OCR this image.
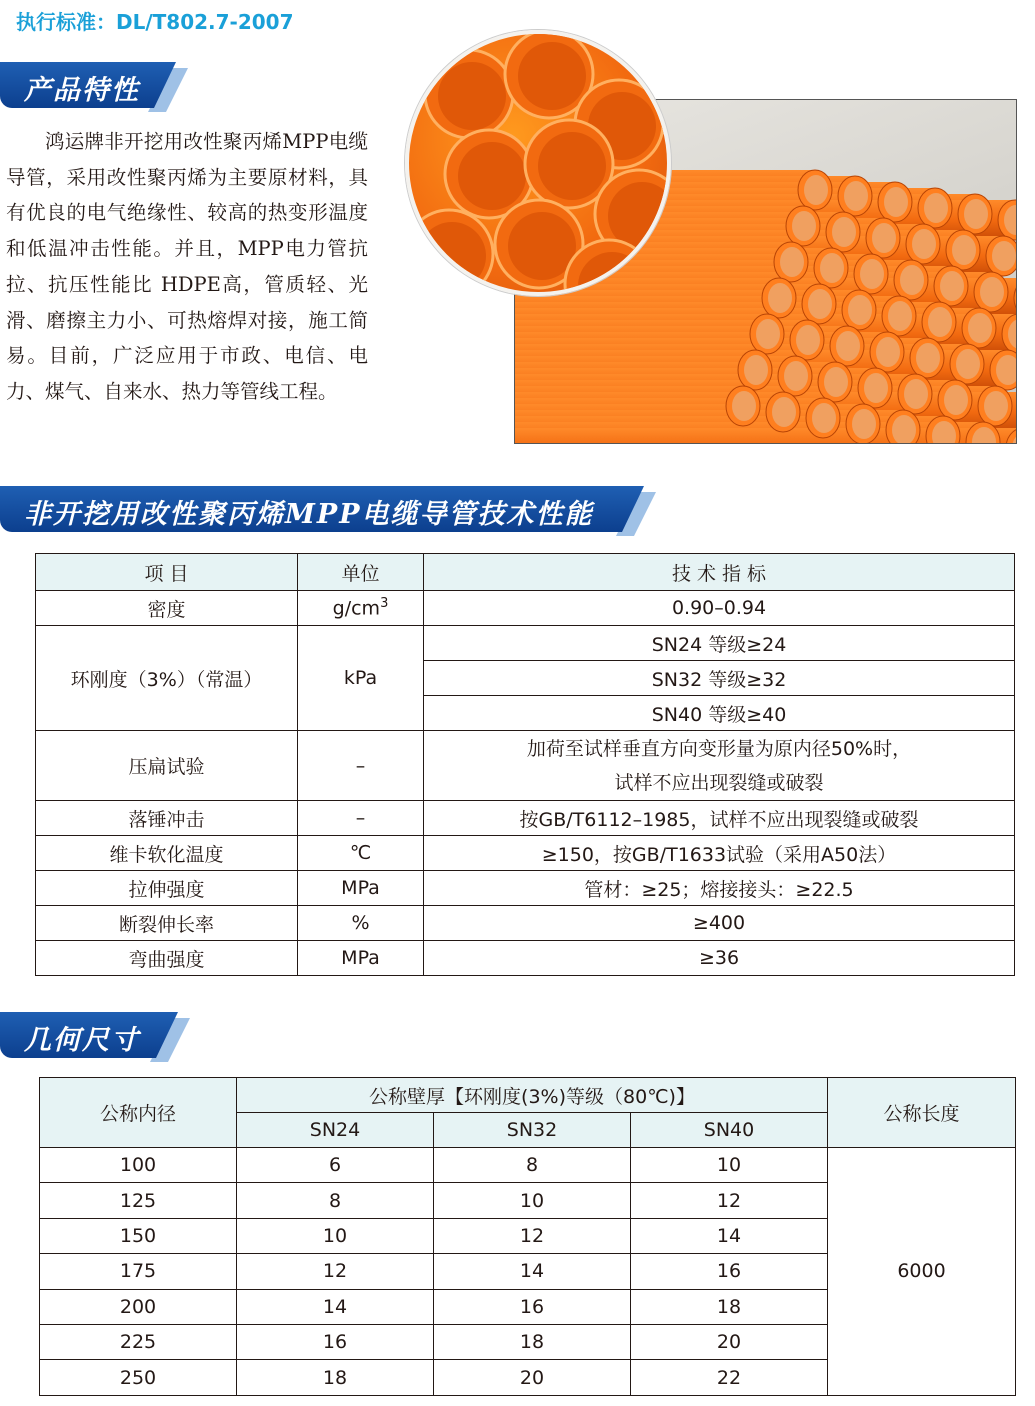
执行标准：DL/T802.7-2007
产品特性
鸿运牌非开挖用改性聚丙烯MPP电缆导管，采用改性聚丙烯为主要原材料，具有优良的电气绝缘性、较高的热变形温度和低温冲击性能。并且，MPP电力管抗拉、抗压性能比 HDPE高，管质轻、光滑、磨擦主力小、可热熔焊对接，施工简易。目前，广泛应用于市政、电信、电力、煤气、自来水、热力等管线工程。
非开挖用改性聚丙烯MPP电缆导管技术性能
项 目	单位	技 术 指 标
密度	$g/cm^3$	0.90–0.94
环刚度（3%）（常温）	kPa	SN24 等级≥24
		SN32 等级≥32
		SN40 等级≥40
压扁试验	–	加荷至试样垂直方向变形量为原内径50%时，
试样不应出现裂缝或破裂

落锤冲击	–	按GB/T6112–1985，试样不应出现裂缝或破裂
维卡软化温度	℃	≥150，按GB/T1633试验（采用A50法）
拉伸强度	MPa	管材：≥25；熔接接头：≥22.5
断裂伸长率	%	≥400
弯曲强度	MPa	≥36
几何尺寸
公称内径	公称壁厚【环刚度(3%)等级（80℃)】			公称长度
	SN24	SN32	SN40	
100	6	8	10	6000
125	8	10	12	
150	10	12	14	
175	12	14	16	
200	14	16	18	
225	16	18	20	
250	18	20	22	
